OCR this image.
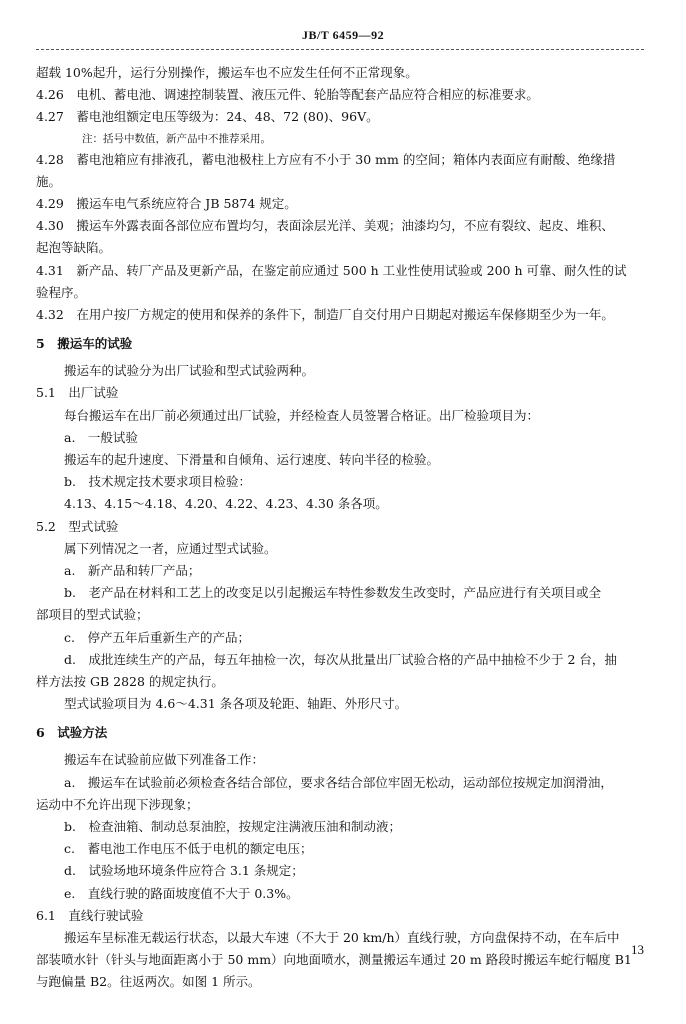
JB/T 6459—92
超载 10%起升，运行分别操作，搬运车也不应发生任何不正常现象。
4.26　电机、蓄电池、调速控制装置、液压元件、轮胎等配套产品应符合相应的标准要求。
4.27　蓄电池组额定电压等级为：24、48、72 (80)、96V。
注：括号中数值，新产品中不推荐采用。
4.28　蓄电池箱应有排液孔，蓄电池极柱上方应有不小于 30 mm 的空间；箱体内表面应有耐酸、绝缘措
施。
4.29　搬运车电气系统应符合 JB 5874 规定。
4.30　搬运车外露表面各部位应布置均匀，表面涂层光洋、美观；油漆均匀，不应有裂纹、起皮、堆积、
起泡等缺陷。
4.31　新产品、转厂产品及更新产品，在鉴定前应通过 500 h 工业性使用试验或 200 h 可靠、耐久性的试
验程序。
4.32　在用户按厂方规定的使用和保养的条件下，制造厂自交付用户日期起对搬运车保修期至少为一年。
5　搬运车的试验
搬运车的试验分为出厂试验和型式试验两种。
5.1　出厂试验
每台搬运车在出厂前必须通过出厂试验，并经检查人员签署合格证。出厂检验项目为：
a.　一般试验
搬运车的起升速度、下滑量和自倾角、运行速度、转向半径的检验。
b.　技术规定技术要求项目检验：
4.13、4.15～4.18、4.20、4.22、4.23、4.30 条各项。
5.2　型式试验
属下列情况之一者，应通过型式试验。
a.　新产品和转厂产品；
b.　老产品在材料和工艺上的改变足以引起搬运车特性参数发生改变时，产品应进行有关项目或全
部项目的型式试验；
c.　停产五年后重新生产的产品；
d.　成批连续生产的产品，每五年抽检一次，每次从批量出厂试验合格的产品中抽检不少于 2 台，抽
样方法按 GB 2828 的规定执行。
型式试验项目为 4.6～4.31 条各项及轮距、轴距、外形尺寸。
6　试验方法
搬运车在试验前应做下列准备工作：
a.　搬运车在试验前必须检查各结合部位，要求各结合部位牢固无松动，运动部位按规定加润滑油，
运动中不允许出现下涉现象；
b.　检查油箱、制动总泵油腔，按规定注满液压油和制动液；
c.　蓄电池工作电压不低于电机的额定电压；
d.　试验场地环境条件应符合 3.1 条规定；
e.　直线行驶的路面坡度值不大于 0.3%。
6.1　直线行驶试验
搬运车呈标准无载运行状态，以最大车速（不大于 20 km/h）直线行驶，方向盘保持不动，在车后中
部装喷水针（针头与地面距离小于 50 mm）向地面喷水，测量搬运车通过 20 m 路段时搬运车蛇行幅度 B1
与跑偏量 B2。往返两次。如图 1 所示。
13
